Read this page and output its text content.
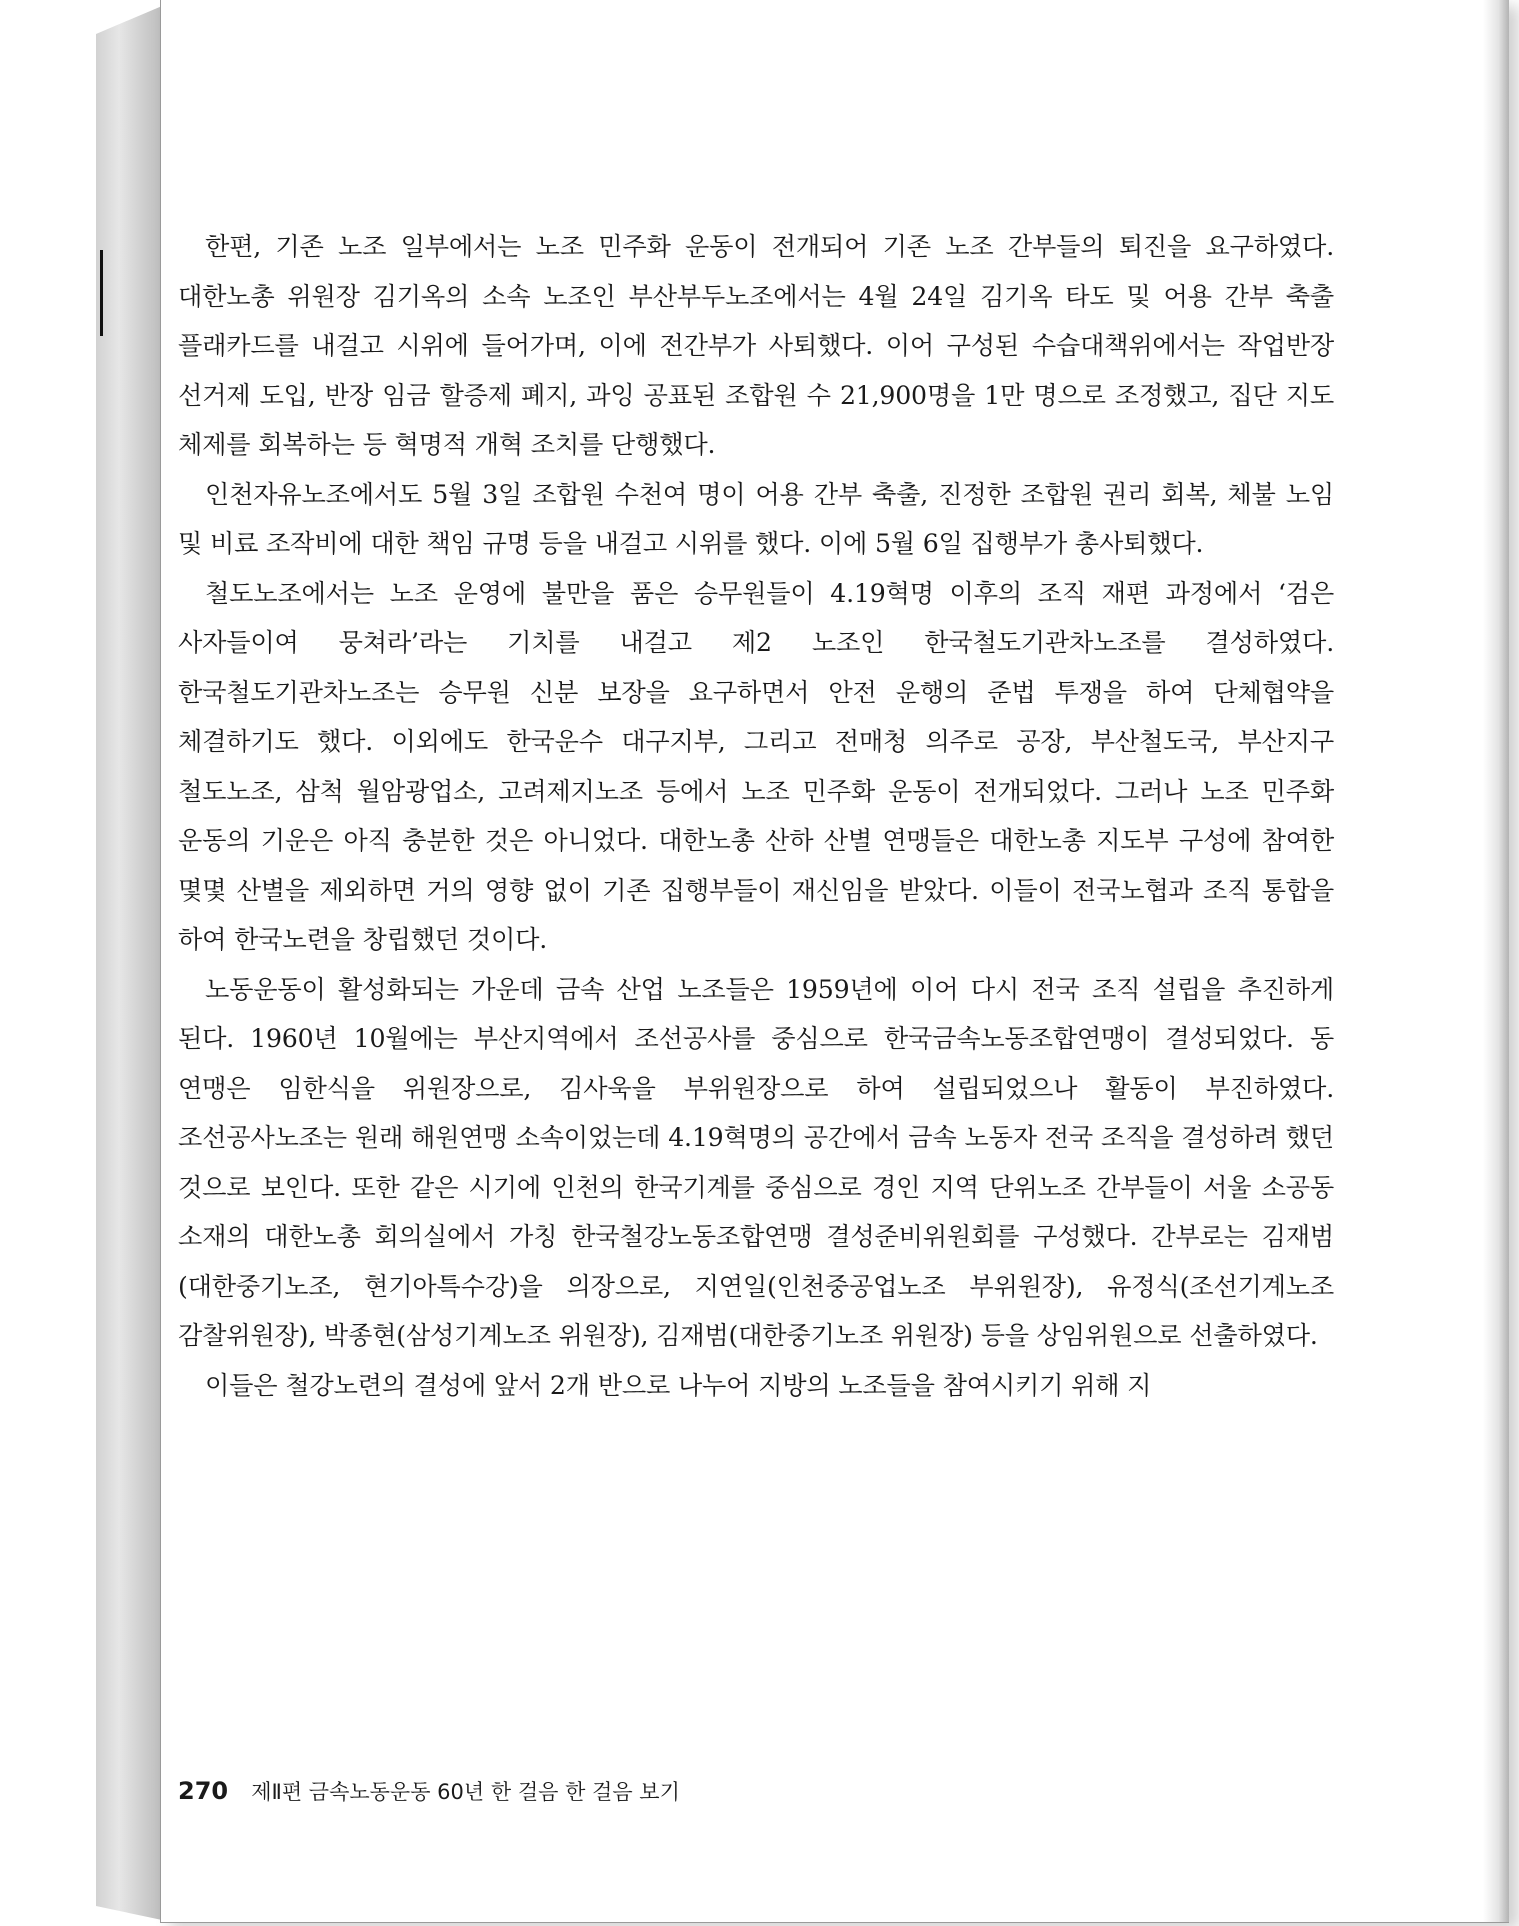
한편, 기존 노조 일부에서는 노조 민주화 운동이 전개되어 기존 노조 간부들의 퇴진을 요구하였다. 대한노총 위원장 김기옥의 소속 노조인 부산부두노조에서는 4월 24일 김기옥 타도 및 어용 간부 축출 플래카드를 내걸고 시위에 들어가며, 이에 전간부가 사퇴했다. 이어 구성된 수습대책위에서는 작업반장 선거제 도입, 반장 임금 할증제 폐지, 과잉 공표된 조합원 수 21,900명을 1만 명으로 조정했고, 집단 지도 체제를 회복하는 등 혁명적 개혁 조치를 단행했다.

인천자유노조에서도 5월 3일 조합원 수천여 명이 어용 간부 축출, 진정한 조합원 권리 회복, 체불 노임 및 비료 조작비에 대한 책임 규명 등을 내걸고 시위를 했다. 이에 5월 6일 집행부가 총사퇴했다.

철도노조에서는 노조 운영에 불만을 품은 승무원들이 4.19혁명 이후의 조직 재편 과정에서 ‘검은 사자들이여 뭉쳐라’라는 기치를 내걸고 제2 노조인 한국철도기관차노조를 결성하였다. 한국철도기관차노조는 승무원 신분 보장을 요구하면서 안전 운행의 준법 투쟁을 하여 단체협약을 체결하기도 했다. 이외에도 한국운수 대구지부, 그리고 전매청 의주로 공장, 부산철도국, 부산지구 철도노조, 삼척 월암광업소, 고려제지노조 등에서 노조 민주화 운동이 전개되었다. 그러나 노조 민주화 운동의 기운은 아직 충분한 것은 아니었다. 대한노총 산하 산별 연맹들은 대한노총 지도부 구성에 참여한 몇몇 산별을 제외하면 거의 영향 없이 기존 집행부들이 재신임을 받았다. 이들이 전국노협과 조직 통합을 하여 한국노련을 창립했던 것이다.

노동운동이 활성화되는 가운데 금속 산업 노조들은 1959년에 이어 다시 전국 조직 설립을 추진하게 된다. 1960년 10월에는 부산지역에서 조선공사를 중심으로 한국금속노동조합연맹이 결성되었다. 동 연맹은 임한식을 위원장으로, 김사욱을 부위원장으로 하여 설립되었으나 활동이 부진하였다. 조선공사노조는 원래 해원연맹 소속이었는데 4.19혁명의 공간에서 금속 노동자 전국 조직을 결성하려 했던 것으로 보인다. 또한 같은 시기에 인천의 한국기계를 중심으로 경인 지역 단위노조 간부들이 서울 소공동 소재의 대한노총 회의실에서 가칭 한국철강노동조합연맹 결성준비위원회를 구성했다. 간부로는 김재범(대한중기노조, 현기아특수강)을 의장으로, 지연일(인천중공업노조 부위원장), 유정식(조선기계노조 감찰위원장), 박종현(삼성기계노조 위원장), 김재범(대한중기노조 위원장) 등을 상임위원으로 선출하였다.

이들은 철강노련의 결성에 앞서 2개 반으로 나누어 지방의 노조들을 참여시키기 위해 지

270 제Ⅱ편 금속노동운동 60년 한 걸음 한 걸음 보기
